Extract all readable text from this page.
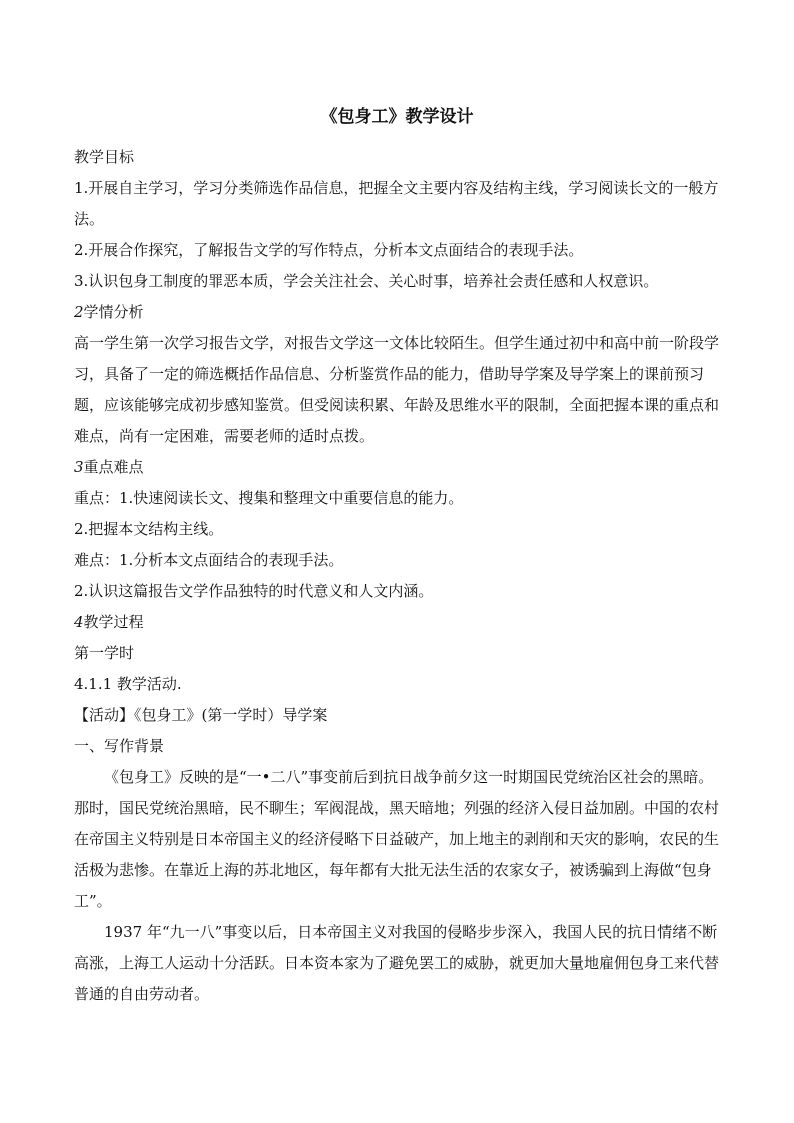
《包身工》教学设计

教学目标

1.开展自主学习，学习分类筛选作品信息，把握全文主要内容及结构主线，学习阅读长文的一般方法。

2.开展合作探究，了解报告文学的写作特点，分析本文点面结合的表现手法。

3.认识包身工制度的罪恶本质，学会关注社会、关心时事，培养社会责任感和人权意识。

2学情分析

高一学生第一次学习报告文学，对报告文学这一文体比较陌生。但学生通过初中和高中前一阶段学习，具备了一定的筛选概括作品信息、分析鉴赏作品的能力，借助导学案及导学案上的课前预习题，应该能够完成初步感知鉴赏。但受阅读积累、年龄及思维水平的限制，全面把握本课的重点和难点，尚有一定困难，需要老师的适时点拨。

3重点难点

重点：1.快速阅读长文、搜集和整理文中重要信息的能力。

2.把握本文结构主线。

难点：1.分析本文点面结合的表现手法。

2.认识这篇报告文学作品独特的时代意义和人文内涵。

4教学过程

第一学时

4.1.1 教学活动.

【活动】《包身工》(第一学时）导学案

一、写作背景

《包身工》反映的是“一•二八”事变前后到抗日战争前夕这一时期国民党统治区社会的黑暗。那时，国民党统治黑暗，民不聊生；军阀混战，黑天暗地；列强的经济入侵日益加剧。中国的农村在帝国主义特别是日本帝国主义的经济侵略下日益破产，加上地主的剥削和天灾的影响，农民的生活极为悲惨。在靠近上海的苏北地区，每年都有大批无法生活的农家女子，被诱骗到上海做“包身工”。

1937 年“九一八”事变以后，日本帝国主义对我国的侵略步步深入，我国人民的抗日情绪不断高涨，上海工人运动十分活跃。日本资本家为了避免罢工的威胁，就更加大量地雇佣包身工来代替普通的自由劳动者。
